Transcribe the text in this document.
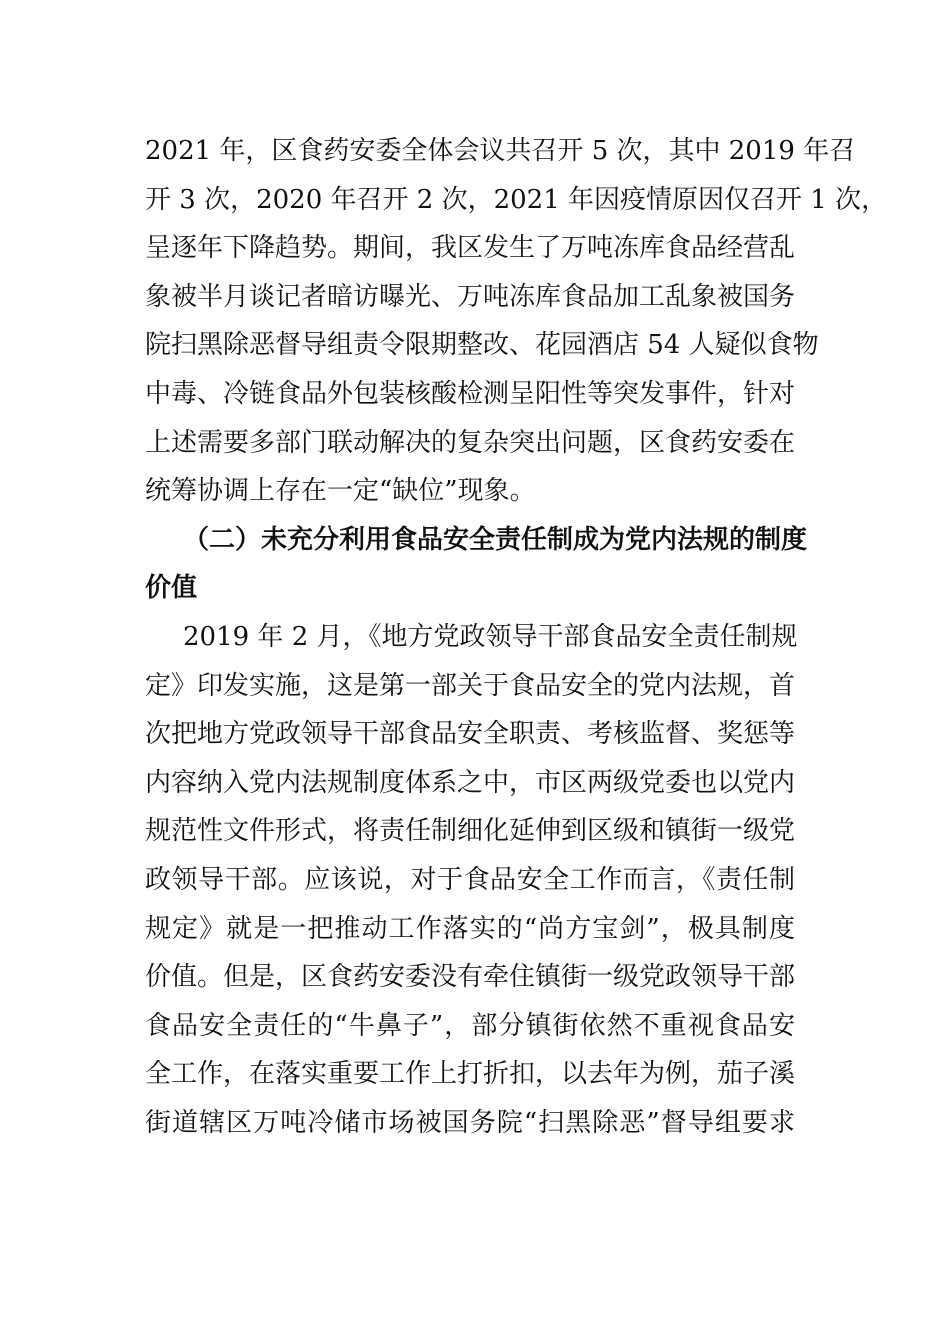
2021 年，区食药安委全体会议共召开 5 次，其中 2019 年召
开 3 次，2020 年召开 2 次，2021 年因疫情原因仅召开 1 次，
呈逐年下降趋势。期间，我区发生了万吨冻库食品经营乱
象被半月谈记者暗访曝光、万吨冻库食品加工乱象被国务
院扫黑除恶督导组责令限期整改、花园酒店 54 人疑似食物
中毒、冷链食品外包装核酸检测呈阳性等突发事件，针对
上述需要多部门联动解决的复杂突出问题，区食药安委在
统筹协调上存在一定“缺位”现象。
（二）未充分利用食品安全责任制成为党内法规的制度
价值
2019 年 2 月，《地方党政领导干部食品安全责任制规
定》印发实施，这是第一部关于食品安全的党内法规，首
次把地方党政领导干部食品安全职责、考核监督、奖惩等
内容纳入党内法规制度体系之中，市区两级党委也以党内
规范性文件形式，将责任制细化延伸到区级和镇街一级党
政领导干部。应该说，对于食品安全工作而言，《责任制
规定》就是一把推动工作落实的“尚方宝剑”，极具制度
价值。但是，区食药安委没有牵住镇街一级党政领导干部
食品安全责任的“牛鼻子”，部分镇街依然不重视食品安
全工作，在落实重要工作上打折扣，以去年为例，茄子溪
街道辖区万吨冷储市场被国务院“扫黑除恶”督导组要求
